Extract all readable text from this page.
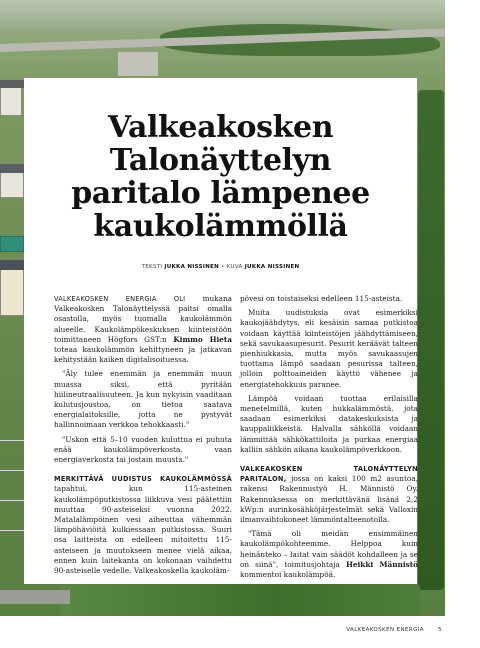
Valkeakosken
Talonäyttelyn
paritalo lämpenee
kaukolämmöllä
TEKSTI JUKKA NISSINEN • KUVA JUKKA NISSINEN

VALKEAKOSKEN ENERGIA OLI mukana Valkeakosken Talonäyttelyssä paitsi omalla osastolla, myös tuomalla kaukolämmön alueelle. Kaukolämpökeskuksen kiinteistöön toimittaneen Högfors GST:n Kimmo Hieta toteaa kaukolämmön kehittyneen ja jatkavan kehitystään kaiken digitalisoituessa.

"Äly tulee enemmän ja enemmän muun muassa siksi, että pyritään hiilineutraalisuuteen. Ja kun nykyisin vaaditaan kulutusjoustoa, on tietoa saatava energialaitoksille, jotta ne pystyvät hallinnoimaan verkkoa tehokkaasti."

"Uskon että 5–10 vuoden kuluttua ei puhuta enää kaukolämpöverkosta, vaan energiaverkosta tai jostain muusta."

MERKITTÄVÄ UUDISTUS KAUKOLÄMMÖSSÄ tapahtui, kun 115-asteinen kaukolämpöputkistossa liikkuva vesi päätettiin muuttaa 90-asteiseksi vuonna 2022. Matalalämpöinen vesi aiheuttaa vähemmän lämpöhäviöitä kulkiessaan putkistossa. Suuri osa laitteista on edelleen mitoitettu 115-asteiseen ja muutokseen menee vielä aikaa, ennen kuin laitekanta on kokonaan vaihdettu 90-asteiselle vedelle. Valkeakoskella kaukoläm-

pövesi on toistaiseksi edelleen 115-asteista.

Muita uudistuksia ovat esimerkiksi kaukojäähdytys, eli kesäisin samaa putkistoa voidaan käyttää kiinteistöjen jäähdyttämiseen, sekä savukaasupesurit. Pesurit keräävät talteen pienhiukkasia, mutta myös savukaasujen tuottama lämpö saadaan pesurissa talteen, jolloin polttoaineiden käyttö vähenee ja energiatehokkuus paranee.

Lämpöä voidaan tuottaa erilaisilla menetelmillä, kuten hukkalämmöstä, jota saadaan esimerkiksi datakeskuksista ja kauppaliikkeistä. Halvalla sähköllä voidaan lämmittää sähkökattiloita ja purkaa energiaa kalliin sähkön aikana kaukolämpöverkkoon.

VALKEAKOSKEN TALONÄYTTELYN PARITALON, jossa on kaksi 100 m2 asuntoa, rakensi Rakennustyö H. Männistö Oy. Rakennuksessa on merkittävänä lisänä 2,2 kWp:n aurinkosähköjärjestelmät sekä Valloxin ilmanvaihtokoneet lämmöntalteenotolla.

"Tämä oli meidän ensimmäinen kaukolämpökohteemme. Helppoa kuin heinänteko – laitat vain säädöt kohdalleen ja se on siinä", toimitusjohtaja Heikki Männistö kommentoi kaukolämpöä.

VALKEAKOSKEN ENERGIA	5
